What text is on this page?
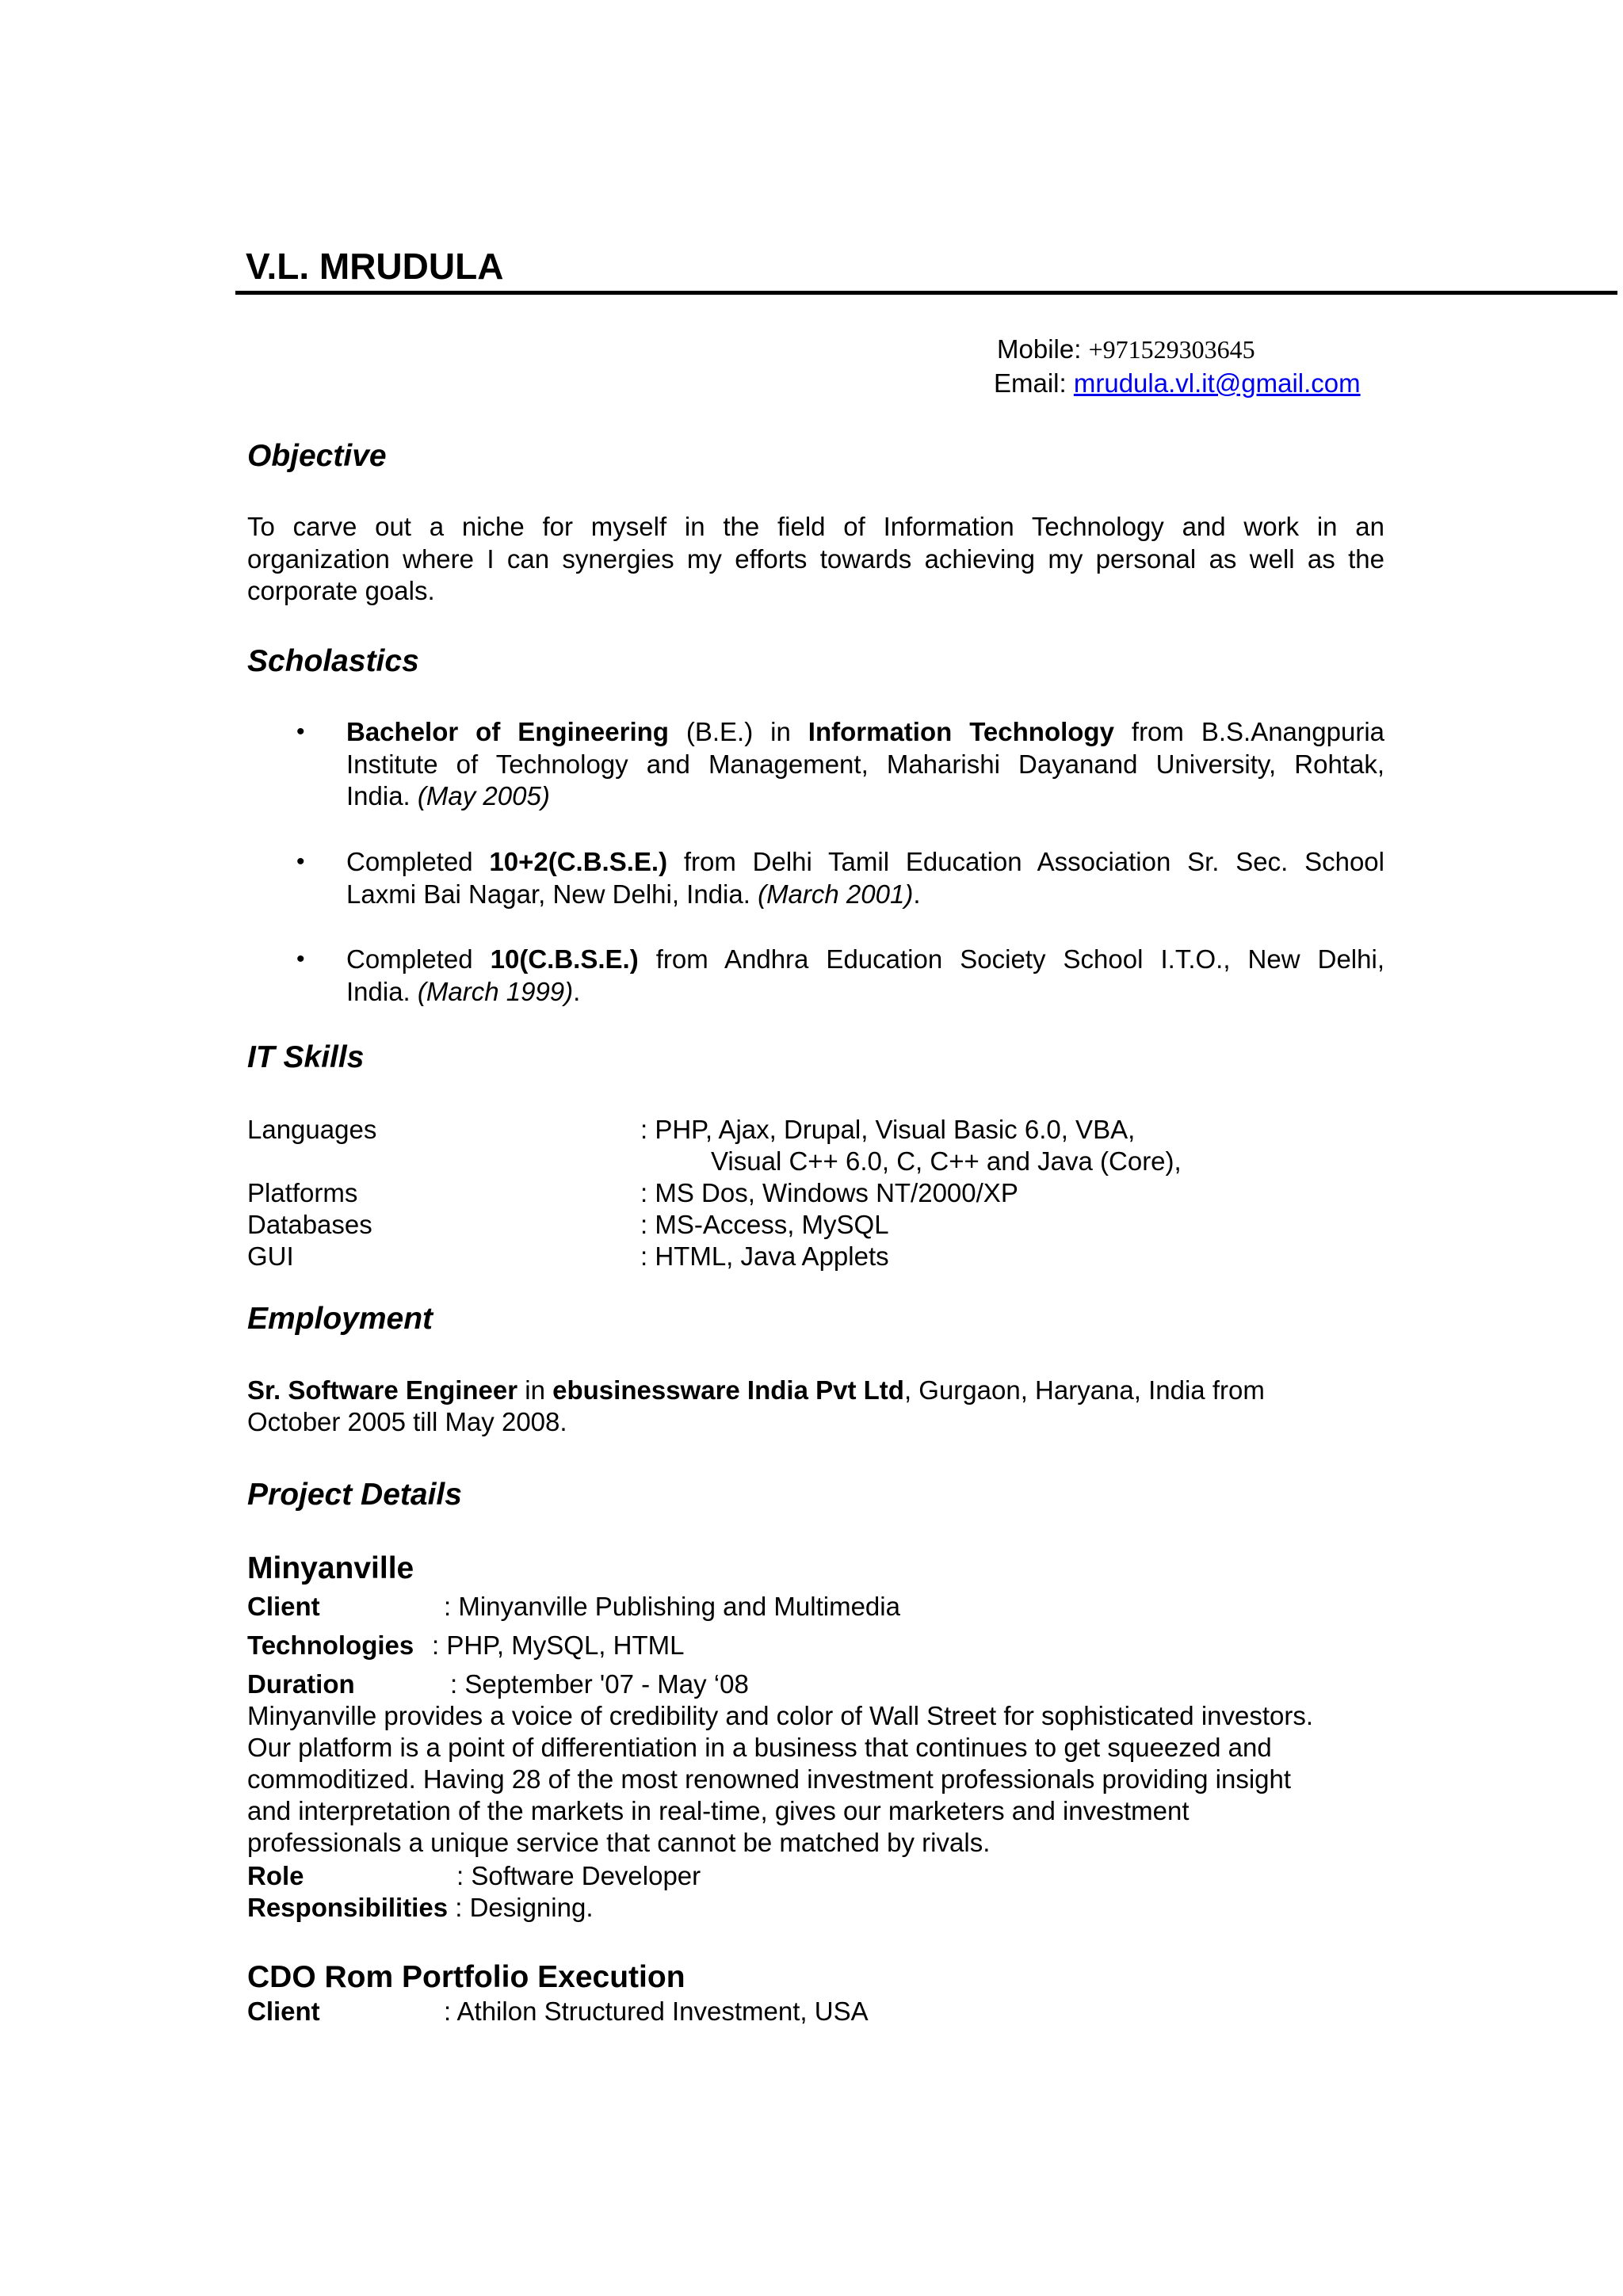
V.L. MRUDULA
Mobile: +971529303645
Email: mrudula.vl.it@gmail.com
Objective
To carve out a niche for myself in the field of Information Technology and work in an
organization where I can synergies my efforts towards achieving my personal as well as the
corporate goals.
Scholastics
• Bachelor of Engineering (B.E.) in Information Technology from B.S.Anangpuria
Institute of Technology and Management, Maharishi Dayanand University, Rohtak,
India. (May 2005)
• Completed 10+2(C.B.S.E.) from Delhi Tamil Education Association Sr. Sec. School
Laxmi Bai Nagar, New Delhi, India. (March 2001).
• Completed 10(C.B.S.E.) from Andhra Education Society School I.T.O., New Delhi,
India. (March 1999).
IT Skills
Languages	: PHP, Ajax, Drupal, Visual Basic 6.0, VBA,
Visual C++ 6.0, C, C++ and Java (Core),
Platforms	: MS Dos, Windows NT/2000/XP
Databases	: MS-Access, MySQL
GUI	: HTML, Java Applets
Employment
Sr. Software Engineer in ebusinessware India Pvt Ltd, Gurgaon, Haryana, India from
October 2005 till May 2008.
Project Details
Minyanville
Client	: Minyanville Publishing and Multimedia
Technologies : PHP, MySQL, HTML
Duration	: September '07 - May ‘08
Minyanville provides a voice of credibility and color of Wall Street for sophisticated investors.
Our platform is a point of differentiation in a business that continues to get squeezed and
commoditized. Having 28 of the most renowned investment professionals providing insight
and interpretation of the markets in real-time, gives our marketers and investment
professionals a unique service that cannot be matched by rivals.
Role	: Software Developer
Responsibilities : Designing.
CDO Rom Portfolio Execution
Client	: Athilon Structured Investment, USA
